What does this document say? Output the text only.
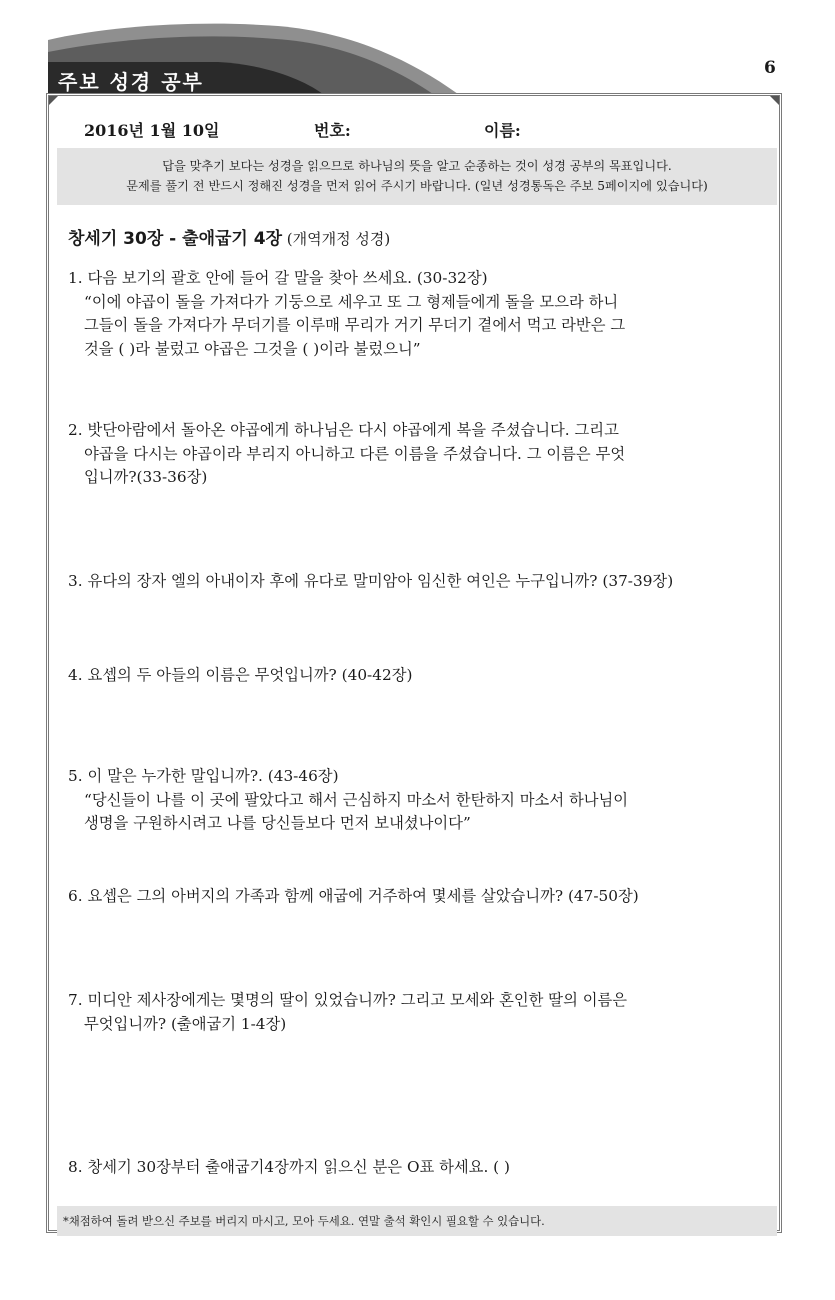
주보 성경 공부
6
2016년 1월 10일	번호:	이름:
답을 맞추기 보다는 성경을 읽으므로 하나님의 뜻을 알고 순종하는 것이 성경 공부의 목표입니다.
문제를 풀기 전 반드시 정해진 성경을 먼저 읽어 주시기 바랍니다. (일년 성경통독은 주보 5페이지에 있습니다)
창세기 30장 - 출애굽기 4장 (개역개정 성경)
1. 다음 보기의 괄호 안에 들어 갈 말을 찾아 쓰세요. (30-32장)
“이에 야곱이 돌을 가져다가 기둥으로 세우고 또 그 형제들에게 돌을 모으라 하니
그들이 돌을 가져다가 무더기를 이루매 무리가 거기 무더기 곁에서 먹고 라반은 그
것을 ( )라 불렀고 야곱은 그것을 ( )이라 불렀으니”
2. 밧단아람에서 돌아온 야곱에게 하나님은 다시 야곱에게 복을 주셨습니다. 그리고
야곱을 다시는 야곱이라 부리지 아니하고 다른 이름을 주셨습니다. 그 이름은 무엇
입니까?(33-36장)
3. 유다의 장자 엘의 아내이자 후에 유다로 말미암아 임신한 여인은 누구입니까? (37-39장)
4. 요셉의 두 아들의 이름은 무엇입니까? (40-42장)
5. 이 말은 누가한 말입니까?. (43-46장)
“당신들이 나를 이 곳에 팔았다고 해서 근심하지 마소서 한탄하지 마소서 하나님이
생명을 구원하시려고 나를 당신들보다 먼저 보내셨나이다”
6. 요셉은 그의 아버지의 가족과 함께 애굽에 거주하여 몇세를 살았습니까? (47-50장)
7. 미디안 제사장에게는 몇명의 딸이 있었습니까? 그리고 모세와 혼인한 딸의 이름은
무엇입니까? (출애굽기 1-4장)
8. 창세기 30장부터 출애굽기4장까지 읽으신 분은 O표 하세요. ( )
*채점하여 돌려 받으신 주보를 버리지 마시고, 모아 두세요. 연말 출석 확인시 필요할 수 있습니다.
